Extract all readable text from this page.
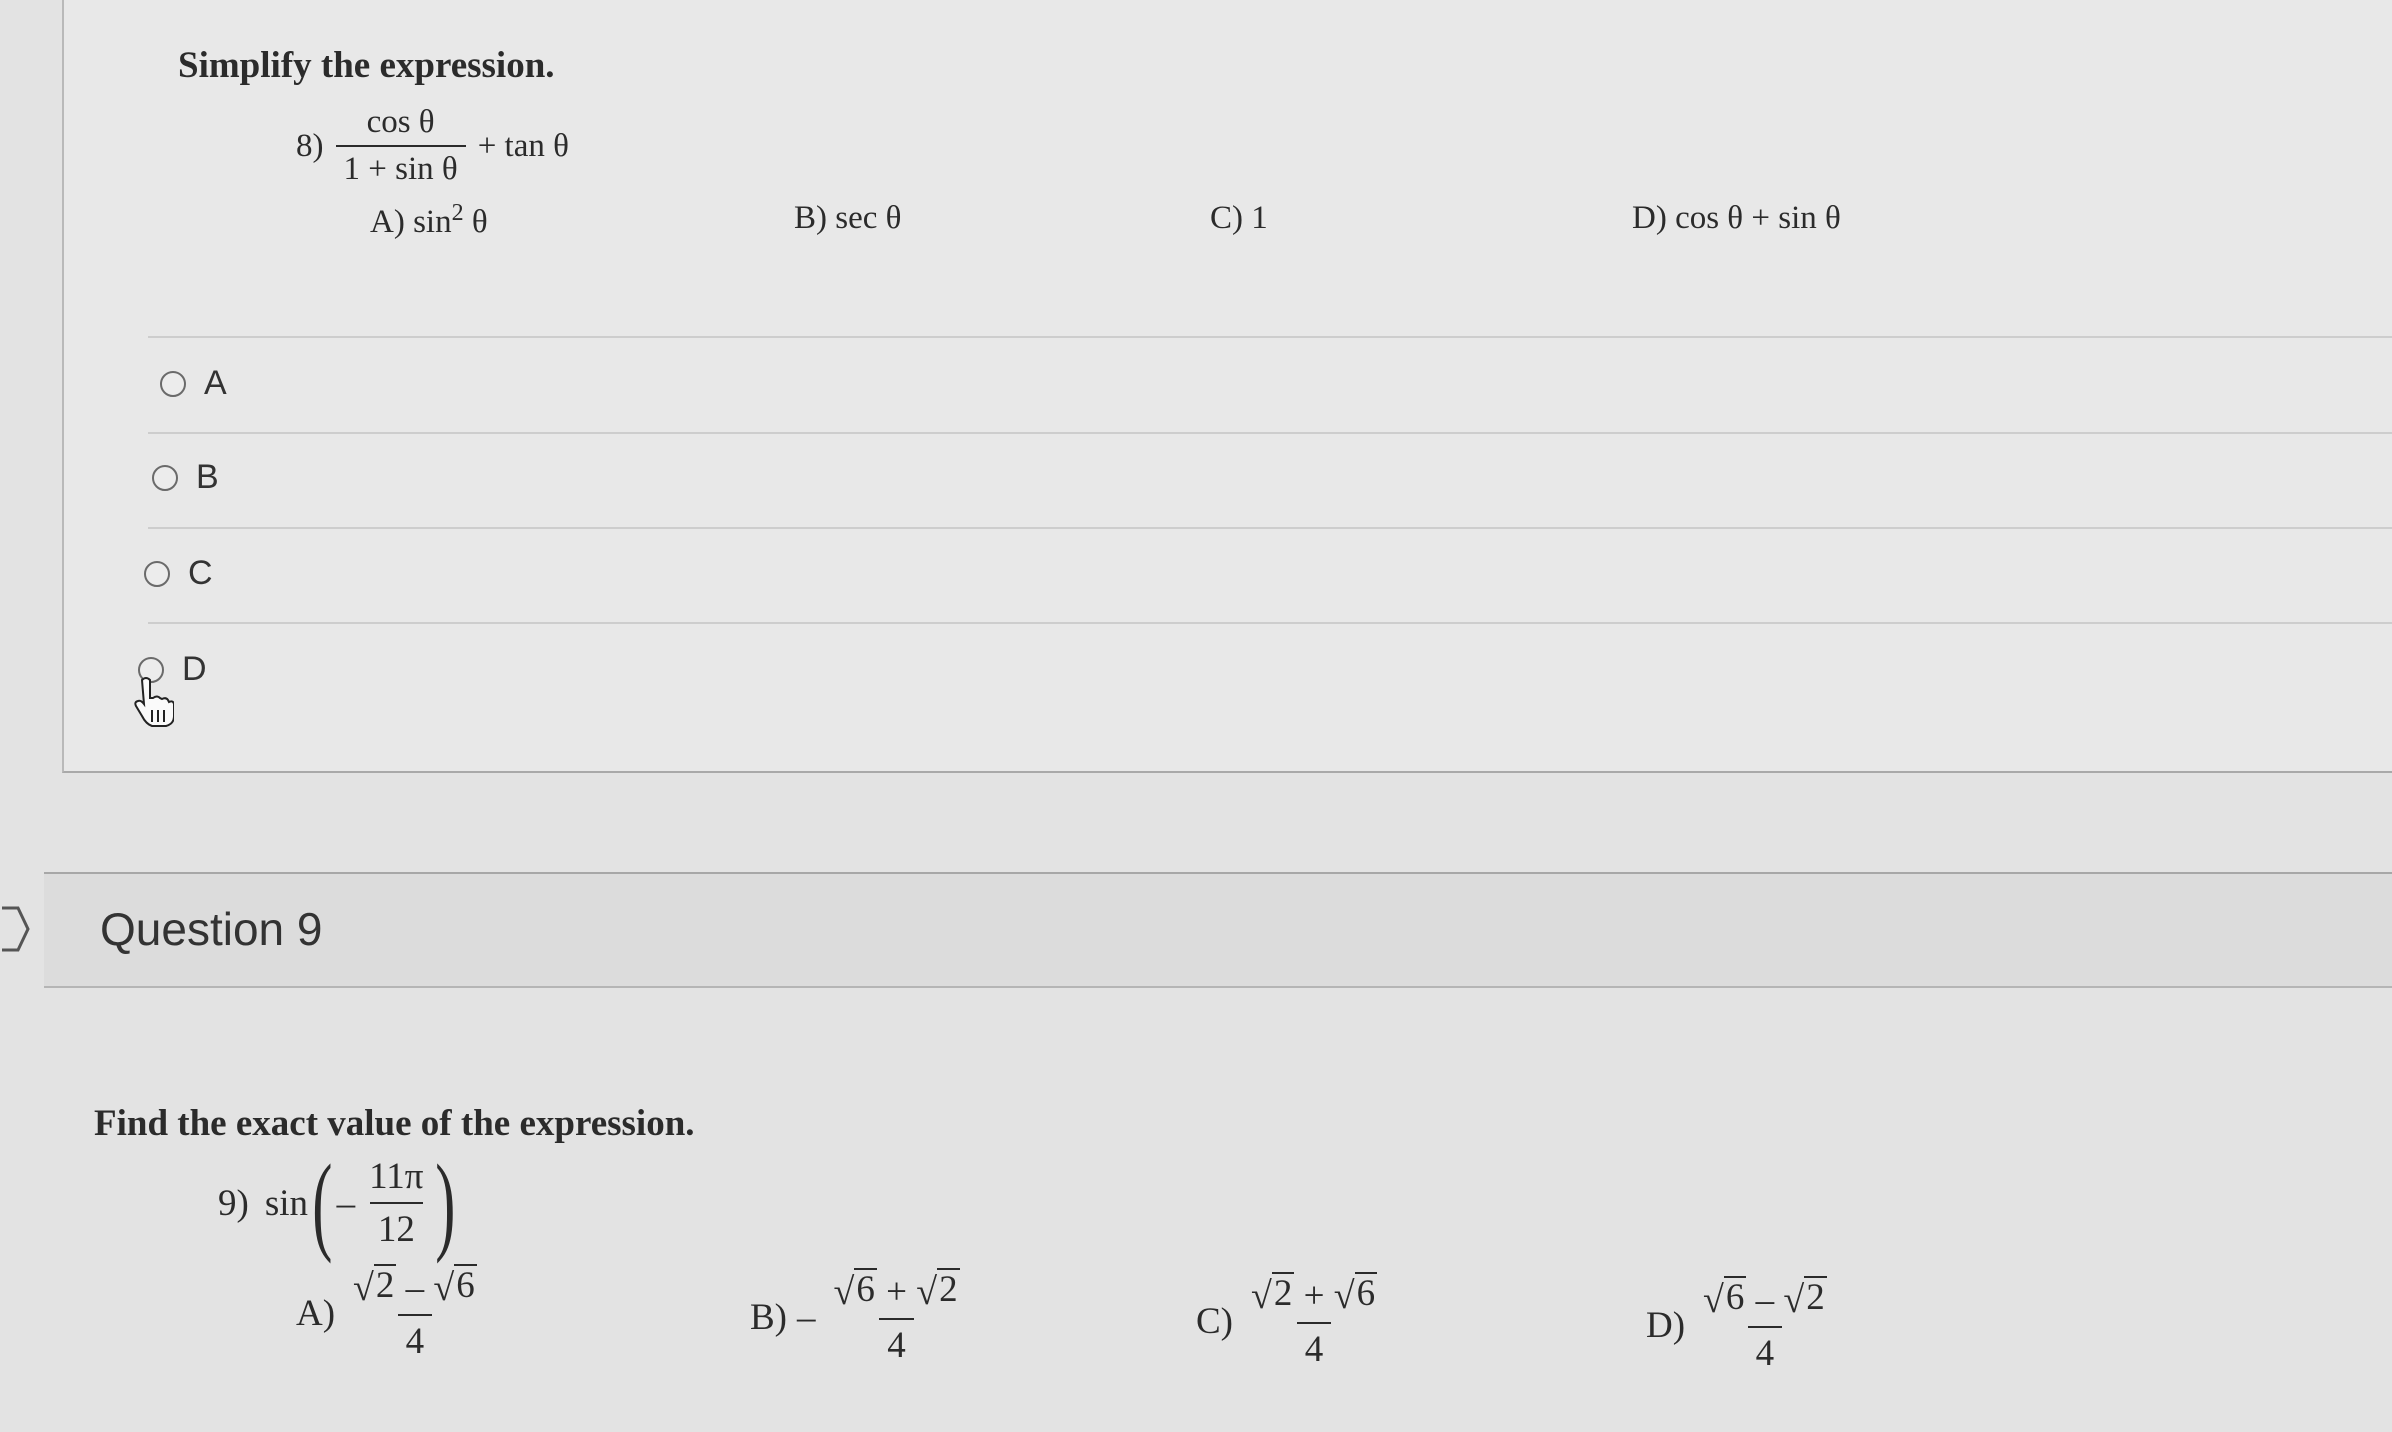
Simplify the expression.
$8) \frac{\text{cos θ}}{\text{1 + sin θ}} + \tan \theta$
A) $\sin^2 \theta$	B) sec θ	C) 1	D) cos θ + sin θ
A
B
C
D
Question 9
Find the exact value of the expression.
9) sin ( – $\frac{11\pi}{12}$ )
$A) \frac{√ 2 - √ 6}{4}$	$B) - \frac{√ 6 + √ 2}{4}$	$C) \frac{√ 2 + √ 6}{4}$	$D) \frac{√ 6 - √ 2}{4}$
